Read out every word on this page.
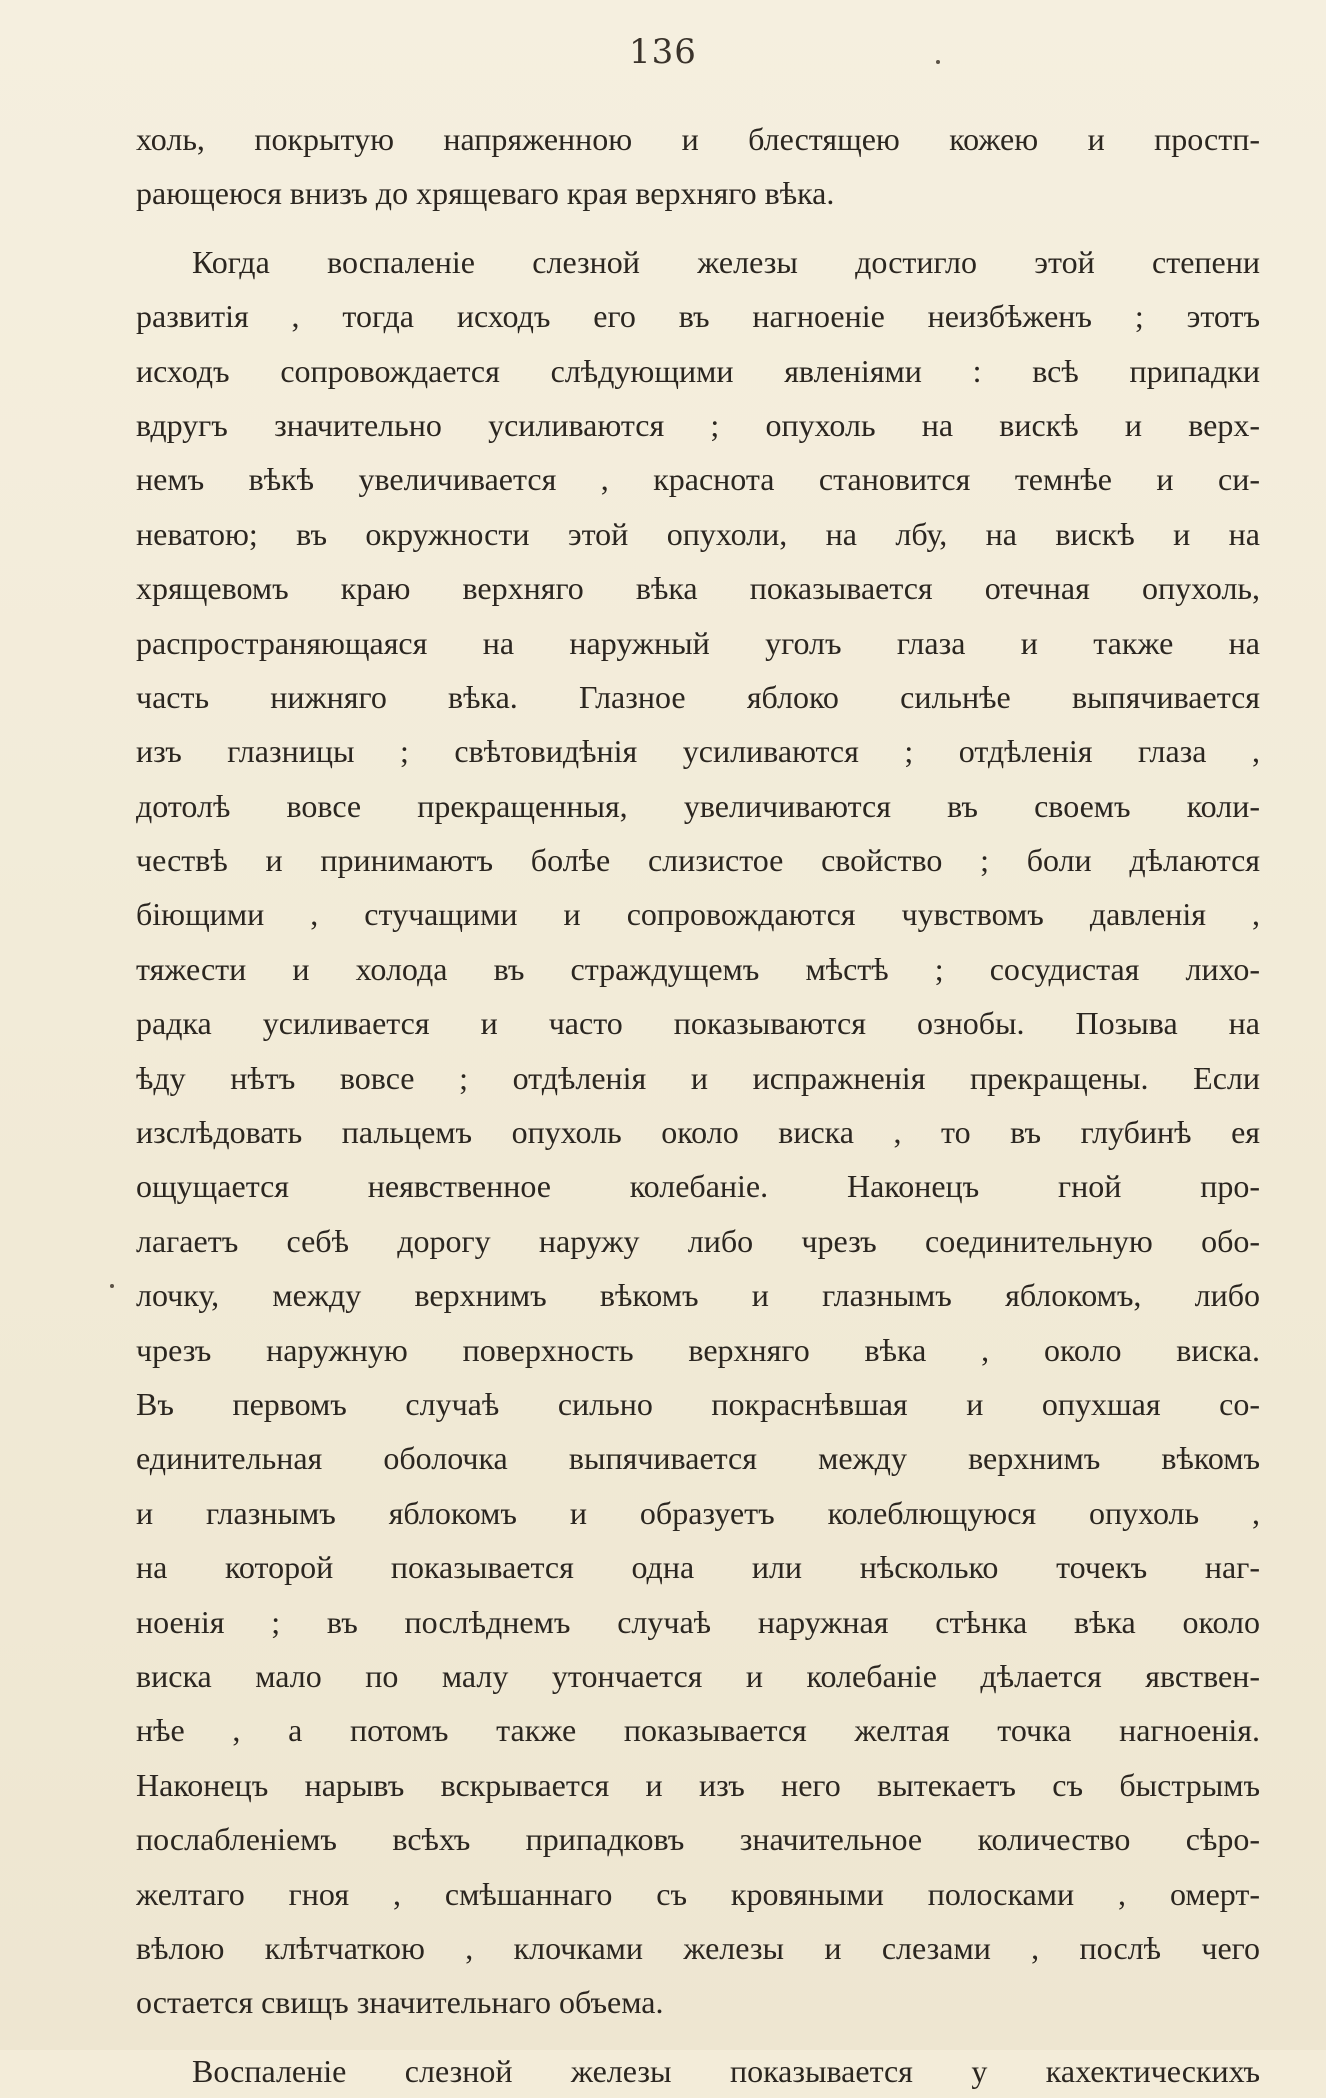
136
холь, покрытую напряженною и блестящею кожею и простп-
рающеюся внизъ до хрящеваго края верхняго вѣка.
Когда воспаленіе слезной железы достигло этой степени
развитія , тогда исходъ его въ нагноеніе неизбѣженъ ; этотъ
исходъ сопровождается слѣдующими явленіями : всѣ припадки
вдругъ значительно усиливаются ; опухоль на вискѣ и верх-
немъ вѣкѣ увеличивается , краснота становится темнѣе и си-
неватою; въ окружности этой опухоли, на лбу, на вискѣ и на
хрящевомъ краю верхняго вѣка показывается отечная опухоль,
распространяющаяся на наружный уголъ глаза и также на
часть нижняго вѣка. Глазное яблоко сильнѣе выпячивается
изъ глазницы ; свѣтовидѣнія усиливаются ; отдѣленія глаза ,
дотолѣ вовсе прекращенныя, увеличиваются въ своемъ коли-
чествѣ и принимаютъ болѣе слизистое свойство ; боли дѣлаются
біющими , стучащими и сопровождаются чувствомъ давленія ,
тяжести и холода въ страждущемъ мѣстѣ ; сосудистая лихо-
радка усиливается и часто показываются ознобы. Позыва на
ѣду нѣтъ вовсе ; отдѣленія и испражненія прекращены. Если
изслѣдовать пальцемъ опухоль около виска , то въ глубинѣ ея
ощущается неявственное колебаніе. Наконецъ гной про-
лагаетъ себѣ дорогу наружу либо чрезъ соединительную обо-
лочку, между верхнимъ вѣкомъ и глазнымъ яблокомъ, либо
чрезъ наружную поверхность верхняго вѣка , около виска.
Въ первомъ случаѣ сильно покраснѣвшая и опухшая со-
единительная оболочка выпячивается между верхнимъ вѣкомъ
и глазнымъ яблокомъ и образуетъ колеблющуюся опухоль ,
на которой показывается одна или нѣсколько точекъ наг-
ноенія ; въ послѣднемъ случаѣ наружная стѣнка вѣка около
виска мало по малу утончается и колебаніе дѣлается явствен-
нѣе , а потомъ также показывается желтая точка нагноенія.
Наконецъ нарывъ вскрывается и изъ него вытекаетъ съ быстрымъ
послабленіемъ всѣхъ припадковъ значительное количество сѣро-
желтаго гноя , смѣшаннаго съ кровяными полосками , омерт-
вѣлою клѣтчаткою , клочками железы и слезами , послѣ чего
остается свищъ значительнаго объема.
Воспаленіе слезной железы показывается у кахектическихъ
